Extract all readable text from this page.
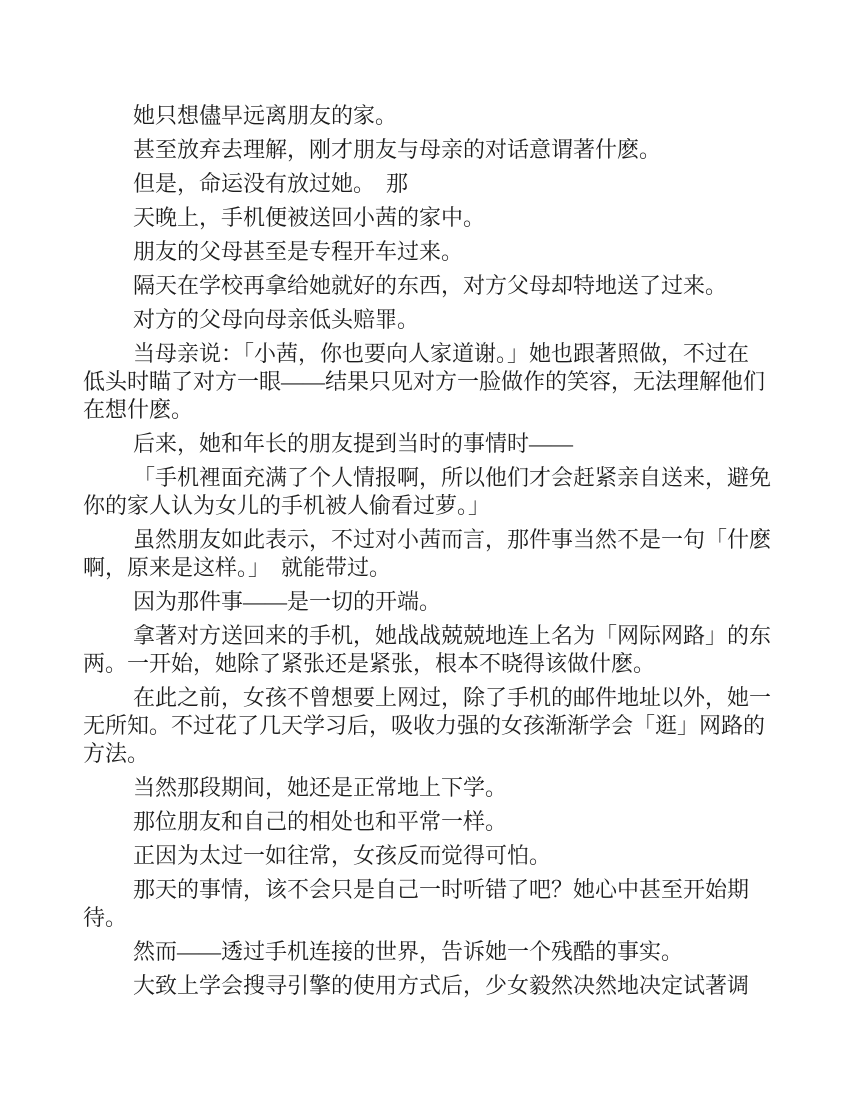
她只想儘早远离朋友的家。
甚至放弃去理解，刚才朋友与母亲的对话意谓著什麽。
但是，命运没有放过她。　那
天晚上，手机便被送回小茜的家中。
朋友的父母甚至是专程开车过来。
隔天在学校再拿给她就好的东西，对方父母却特地送了过来。
对方的父母向母亲低头赔罪。
当母亲说：「小茜，你也要向人家道谢。」她也跟著照做，不过在
低头时瞄了对方一眼——结果只见对方一脸做作的笑容，无法理解他们
在想什麽。
后来，她和年长的朋友提到当时的事情时——
「手机裡面充满了个人情报啊，所以他们才会赶紧亲自送来，避免
你的家人认为女儿的手机被人偷看过萝。」
虽然朋友如此表示，不过对小茜而言，那件事当然不是一句「什麽
啊，原来是这样。」　就能带过。
因为那件事——是一切的开端。
拿著对方送回来的手机，她战战兢兢地连上名为「网际网路」的东
两。一开始，她除了紧张还是紧张，根本不晓得该做什麽。
在此之前，女孩不曾想要上网过，除了手机的邮件地址以外，她一
无所知。不过花了几天学习后，吸收力强的女孩渐渐学会「逛」网路的
方法。
当然那段期间，她还是正常地上下学。
那位朋友和自己的相处也和平常一样。
正因为太过一如往常，女孩反而觉得可怕。
那天的事情，该不会只是自己一时听错了吧？她心中甚至开始期
待。
然而——透过手机连接的世界，告诉她一个残酷的事实。
大致上学会搜寻引擎的使用方式后，少女毅然决然地决定试著调
